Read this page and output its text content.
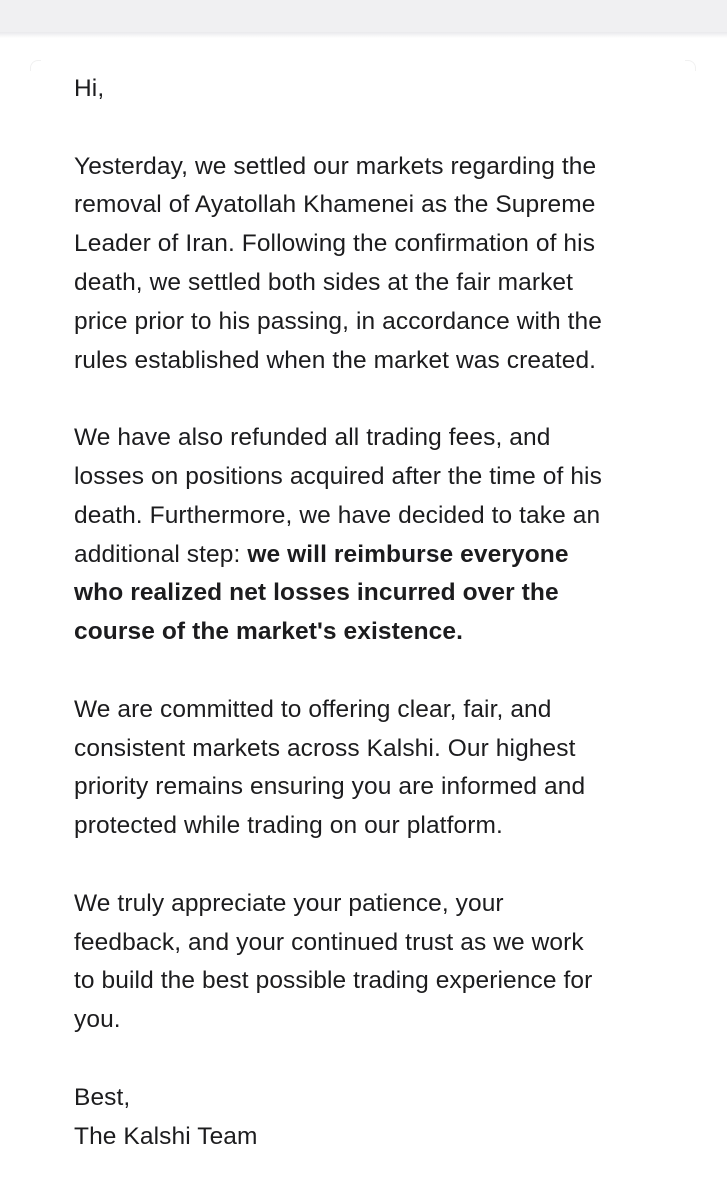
Hi,

Yesterday, we settled our markets regarding the
removal of Ayatollah Khamenei as the Supreme
Leader of Iran. Following the confirmation of his
death, we settled both sides at the fair market
price prior to his passing, in accordance with the
rules established when the market was created.

We have also refunded all trading fees, and
losses on positions acquired after the time of his
death. Furthermore, we have decided to take an
additional step: we will reimburse everyone
who realized net losses incurred over the
course of the market's existence.

We are committed to offering clear, fair, and
consistent markets across Kalshi. Our highest
priority remains ensuring you are informed and
protected while trading on our platform.

We truly appreciate your patience, your
feedback, and your continued trust as we work
to build the best possible trading experience for
you.

Best,
The Kalshi Team
